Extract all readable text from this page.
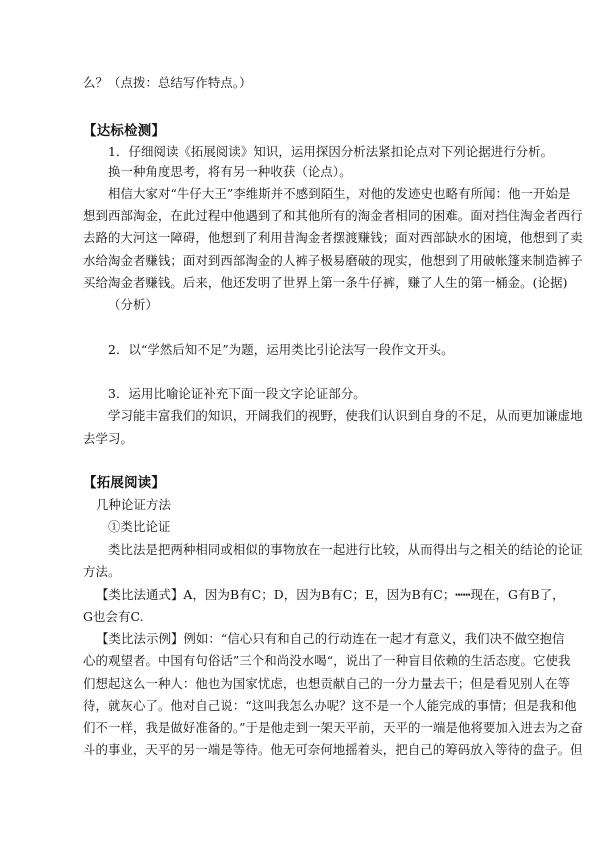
么？（点拨：总结写作特点。）
【达标检测】
1．仔细阅读《拓展阅读》知识，运用探因分析法紧扣论点对下列论据进行分析。
换一种角度思考，将有另一种收获（论点）。
相信大家对“牛仔大王”李维斯并不感到陌生，对他的发迹史也略有所闻：他一开始是
想到西部淘金，在此过程中他遇到了和其他所有的淘金者相同的困难。面对挡住淘金者西行
去路的大河这一障碍，他想到了利用昔淘金者摆渡赚钱；面对西部缺水的困境，他想到了卖
水给淘金者赚钱；面对到西部淘金的人裤子极易磨破的现实，他想到了用破帐篷来制造裤子
买给淘金者赚钱。后来，他还发明了世界上第一条牛仔裤，赚了人生的第一桶金。(论据)
（分析）
2．以“学然后知不足”为题，运用类比引论法写一段作文开头。
3．运用比喻论证补充下面一段文字论证部分。
学习能丰富我们的知识，开阔我们的视野，使我们认识到自身的不足，从而更加谦虚地
去学习。
【拓展阅读】
几种论证方法
①类比论证
类比法是把两种相同或相似的事物放在一起进行比较，从而得出与之相关的结论的论证
方法。
【类比法通式】A，因为B有C；D，因为B有C；E，因为B有C；┅┅现在，G有B了，
G也会有C.
【类比法示例】例如：“信心只有和自己的行动连在一起才有意义，我们决不做空抱信
心的观望者。中国有句俗话”三个和尚没水喝“，说出了一种盲目依赖的生活态度。它使我
们想起这么一种人：他也为国家忧虑，也想贡献自己的一分力量去干；但是看见别人在等
待，就灰心了。他对自己说：“这叫我怎么办呢？这不是一个人能完成的事情；但是我和他
们不一样，我是做好准备的。”于是他走到一架天平前，天平的一端是他将要加入进去为之奋
斗的事业，天平的另一端是等待。他无可奈何地摇着头，把自己的筹码放入等待的盘子。但
